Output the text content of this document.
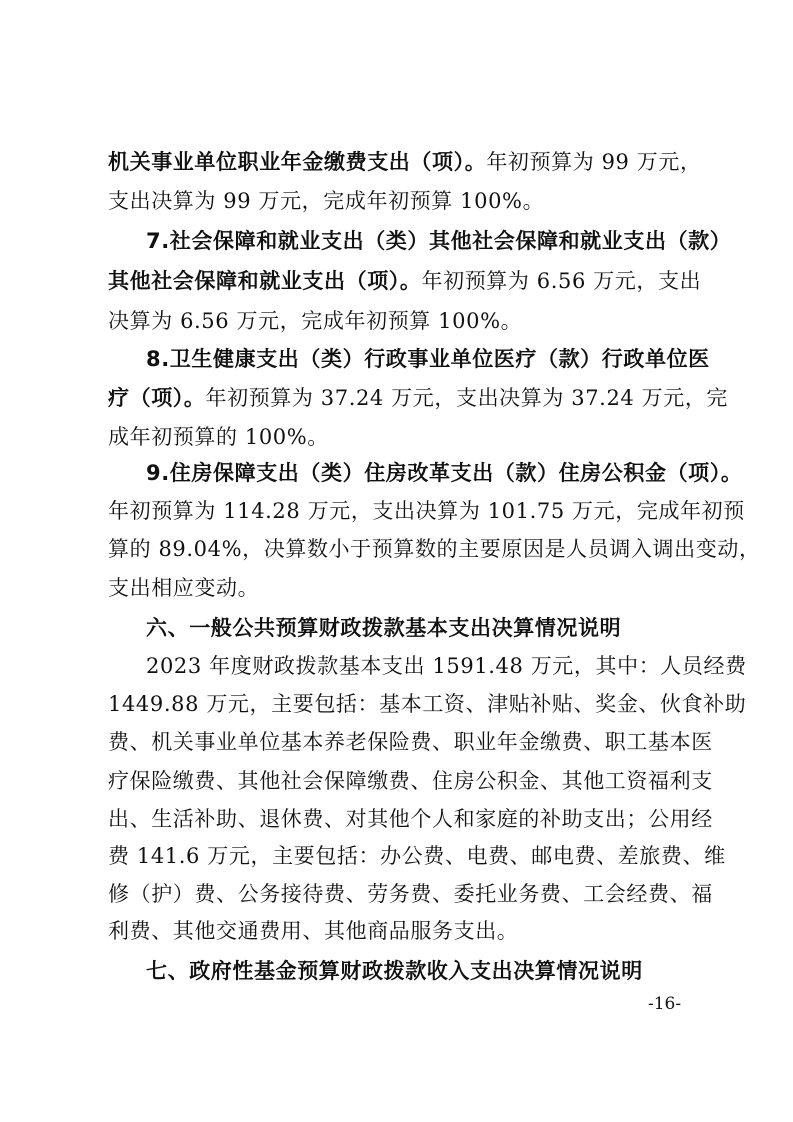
机关事业单位职业年金缴费支出（项）。年初预算为 99 万元，
支出决算为 99 万元，完成年初预算 100%。
7.社会保障和就业支出（类）其他社会保障和就业支出（款）
其他社会保障和就业支出（项）。年初预算为 6.56 万元，支出
决算为 6.56 万元，完成年初预算 100%。
8.卫生健康支出（类）行政事业单位医疗（款）行政单位医
疗（项）。年初预算为 37.24 万元，支出决算为 37.24 万元，完
成年初预算的 100%。
9.住房保障支出（类）住房改革支出（款）住房公积金（项）。
年初预算为 114.28 万元，支出决算为 101.75 万元，完成年初预
算的 89.04%，决算数小于预算数的主要原因是人员调入调出变动，
支出相应变动。
六、一般公共预算财政拨款基本支出决算情况说明
2023 年度财政拨款基本支出 1591.48 万元，其中：人员经费
1449.88 万元，主要包括：基本工资、津贴补贴、奖金、伙食补助
费、机关事业单位基本养老保险费、职业年金缴费、职工基本医
疗保险缴费、其他社会保障缴费、住房公积金、其他工资福利支
出、生活补助、退休费、对其他个人和家庭的补助支出；公用经
费 141.6 万元，主要包括：办公费、电费、邮电费、差旅费、维
修（护）费、公务接待费、劳务费、委托业务费、工会经费、福
利费、其他交通费用、其他商品服务支出。
七、政府性基金预算财政拨款收入支出决算情况说明
-16-
